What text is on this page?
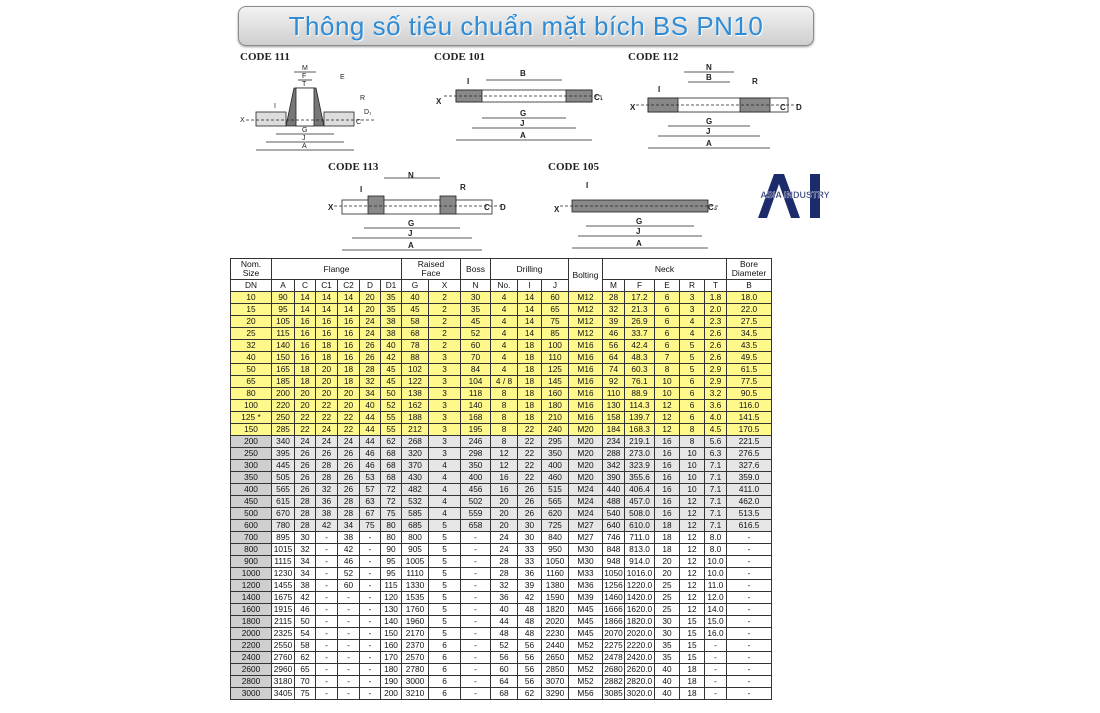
Thông số tiêu chuẩn mặt bích BS PN10
CODE 111	CODE 101	CODE 112
CODE 113	CODE 105
M
F
T
E
R
I
D₁
X
G
C
J
A
B
I
X	C₁
G
J
A
N
B
I
R
X	C D
G
J
A
N
I	R
X	C D
G
J
A
I
X	C₂
G
J
A
ASIA INDUSTRY
Nom.
Size	Flange						Raised
Face		Boss	Drilling			Bolting	Neck					Bore
Diameter
DN	A	C	C1	C2	D	D1	G	X	N	No.	I	J		M	F	E	R	T	B
10	90	14	14	14	20	35	40	2	30	4	14	60	M12	28	17.2	6	3	1.8	18.0
15	95	14	14	14	20	35	45	2	35	4	14	65	M12	32	21.3	6	3	2.0	22.0
20	105	16	16	16	24	38	58	2	45	4	14	75	M12	39	26.9	6	4	2.3	27.5
25	115	16	16	16	24	38	68	2	52	4	14	85	M12	46	33.7	6	4	2.6	34.5
32	140	16	18	16	26	40	78	2	60	4	18	100	M16	56	42.4	6	5	2.6	43.5
40	150	16	18	16	26	42	88	3	70	4	18	110	M16	64	48.3	7	5	2.6	49.5
50	165	18	20	18	28	45	102	3	84	4	18	125	M16	74	60.3	8	5	2.9	61.5
65	185	18	20	18	32	45	122	3	104	4 / 8	18	145	M16	92	76.1	10	6	2.9	77.5
80	200	20	20	20	34	50	138	3	118	8	18	160	M16	110	88.9	10	6	3.2	90.5
100	220	20	22	20	40	52	162	3	140	8	18	180	M16	130	114.3	12	6	3.6	116.0
125 *	250	22	22	22	44	55	188	3	168	8	18	210	M16	158	139.7	12	6	4.0	141.5
150	285	22	24	22	44	55	212	3	195	8	22	240	M20	184	168.3	12	8	4.5	170.5
200	340	24	24	24	44	62	268	3	246	8	22	295	M20	234	219.1	16	8	5.6	221.5
250	395	26	26	26	46	68	320	3	298	12	22	350	M20	288	273.0	16	10	6.3	276.5
300	445	26	28	26	46	68	370	4	350	12	22	400	M20	342	323.9	16	10	7.1	327.6
350	505	26	28	26	53	68	430	4	400	16	22	460	M20	390	355.6	16	10	7.1	359.0
400	565	26	32	26	57	72	482	4	456	16	26	515	M24	440	406.4	16	10	7.1	411.0
450	615	28	36	28	63	72	532	4	502	20	26	565	M24	488	457.0	16	12	7.1	462.0
500	670	28	38	28	67	75	585	4	559	20	26	620	M24	540	508.0	16	12	7.1	513.5
600	780	28	42	34	75	80	685	5	658	20	30	725	M27	640	610.0	18	12	7.1	616.5
700	895	30	-	38	-	80	800	5	-	24	30	840	M27	746	711.0	18	12	8.0	-
800	1015	32	-	42	-	90	905	5	-	24	33	950	M30	848	813.0	18	12	8.0	-
900	1115	34	-	46	-	95	1005	5	-	28	33	1050	M30	948	914.0	20	12	10.0	-
1000	1230	34	-	52	-	95	1110	5	-	28	36	1160	M33	1050	1016.0	20	12	10.0	-
1200	1455	38	-	60	-	115	1330	5	-	32	39	1380	M36	1256	1220.0	25	12	11.0	-
1400	1675	42	-	-	-	120	1535	5	-	36	42	1590	M39	1460	1420.0	25	12	12.0	-
1600	1915	46	-	-	-	130	1760	5	-	40	48	1820	M45	1666	1620.0	25	12	14.0	-
1800	2115	50	-	-	-	140	1960	5	-	44	48	2020	M45	1866	1820.0	30	15	15.0	-
2000	2325	54	-	-	-	150	2170	5	-	48	48	2230	M45	2070	2020.0	30	15	16.0	-
2200	2550	58	-	-	-	160	2370	6	-	52	56	2440	M52	2275	2220.0	35	15	-	-
2400	2760	62	-	-	-	170	2570	6	-	56	56	2650	M52	2478	2420.0	35	15	-	-
2600	2960	65	-	-	-	180	2780	6	-	60	56	2850	M52	2680	2620.0	40	18	-	-
2800	3180	70	-	-	-	190	3000	6	-	64	56	3070	M52	2882	2820.0	40	18	-	-
3000	3405	75	-	-	-	200	3210	6	-	68	62	3290	M56	3085	3020.0	40	18	-	-
